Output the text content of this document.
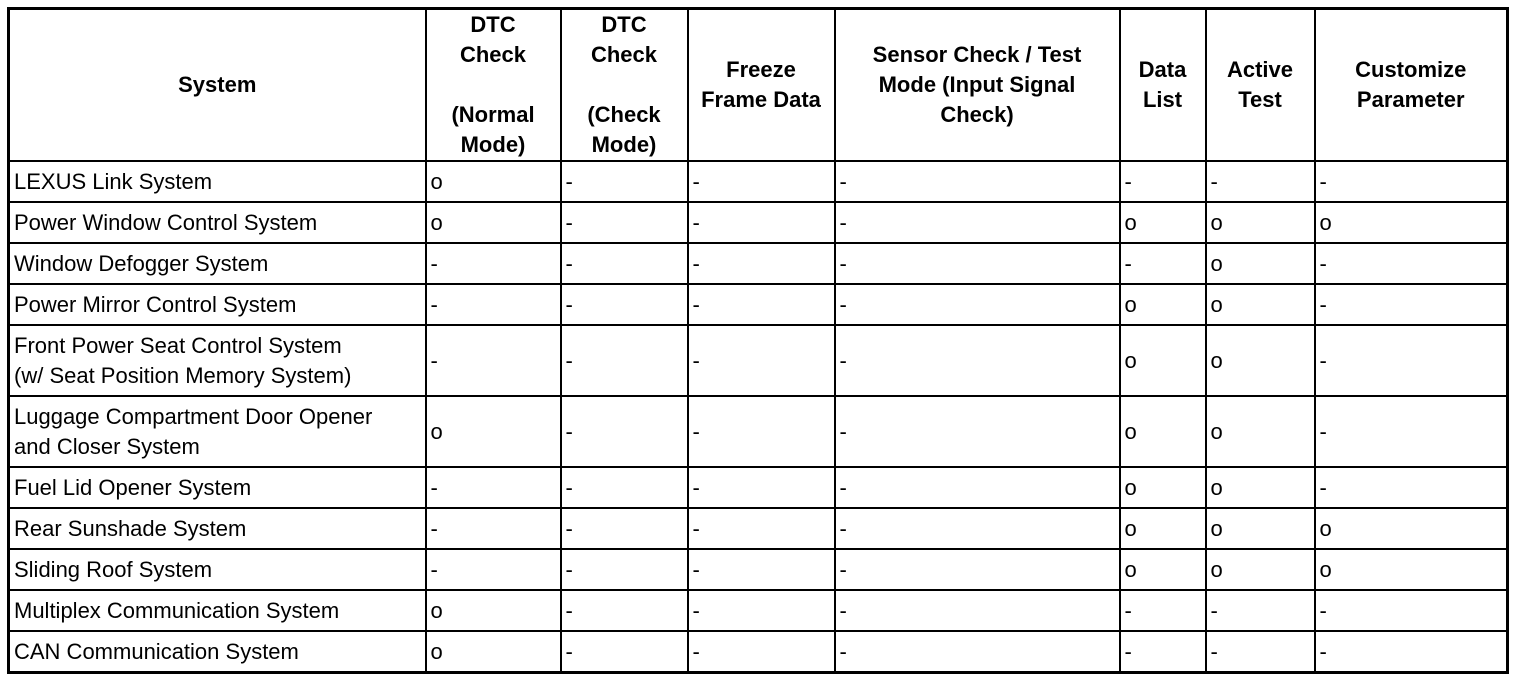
System	DTC
Check
(Normal
Mode)	DTC
Check
(Check
Mode)	Freeze
Frame Data	Sensor Check / Test
Mode (Input Signal
Check)	Data
List	Active
Test	Customize
Parameter

LEXUS Link System	o	-	-	-	-	-	-

Power Window Control System	o	-	-	-	o	o	o

Window Defogger System	-	-	-	-	-	o	-

Power Mirror Control System	-	-	-	-	o	o	-

Front Power Seat Control System
(w/ Seat Position Memory System)	-	-	-	-	o	o	-

Luggage Compartment Door Opener
and Closer System	o	-	-	-	o	o	-

Fuel Lid Opener System	-	-	-	-	o	o	-

Rear Sunshade System	-	-	-	-	o	o	o

Sliding Roof System	-	-	-	-	o	o	o

Multiplex Communication System	o	-	-	-	-	-	-

CAN Communication System	o	-	-	-	-	-	-
